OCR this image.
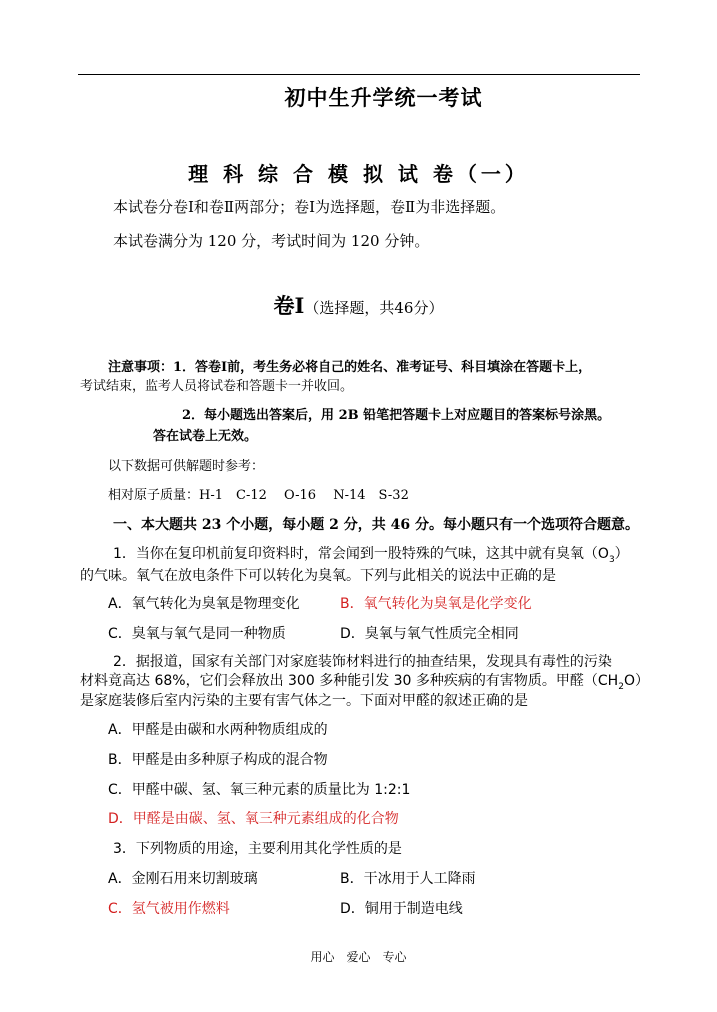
初中生升学统一考试
理 科 综 合 模 拟 试 卷（一）
本试卷分卷Ⅰ和卷Ⅱ两部分；卷Ⅰ为选择题，卷Ⅱ为非选择题。
本试卷满分为 120 分，考试时间为 120 分钟。
卷Ⅰ（选择题，共46分）
注意事项：1．答卷Ⅰ前，考生务必将自己的姓名、准考证号、科目填涂在答题卡上，
考试结束，监考人员将试卷和答题卡一并收回。
2．每小题选出答案后，用 2B 铅笔把答题卡上对应题目的答案标号涂黑。
答在试卷上无效。
以下数据可供解题时参考：
相对原子质量：H-1　C-12　 O-16　 N-14　S-32
一、本大题共 23 个小题，每小题 2 分，共 46 分。每小题只有一个选项符合题意。
1．当你在复印机前复印资料时，常会闻到一股特殊的气味，这其中就有臭氧$(O_3)$
的气味。氧气在放电条件下可以转化为臭氧。下列与此相关的说法中正确的是
A．氧气转化为臭氧是物理变化	B．氧气转化为臭氧是化学变化
C．臭氧与氧气是同一种物质	D．臭氧与氧气性质完全相同
2．据报道，国家有关部门对家庭装饰材料进行的抽查结果，发现具有毒性的污染
材料竟高达 68%，它们会释放出 300 多种能引发 30 多种疾病的有害物质。甲醛$(CH_2O)$
是家庭装修后室内污染的主要有害气体之一。下面对甲醛的叙述正确的是
A．甲醛是由碳和水两种物质组成的
B．甲醛是由多种原子构成的混合物
C．甲醛中碳、氢、氧三种元素的质量比为 1:2:1
D．甲醛是由碳、氢、氧三种元素组成的化合物
3．下列物质的用途，主要利用其化学性质的是
A．金刚石用来切割玻璃	B．干冰用于人工降雨
C．氢气被用作燃料	D．铜用于制造电线
用心　爱心　专心
